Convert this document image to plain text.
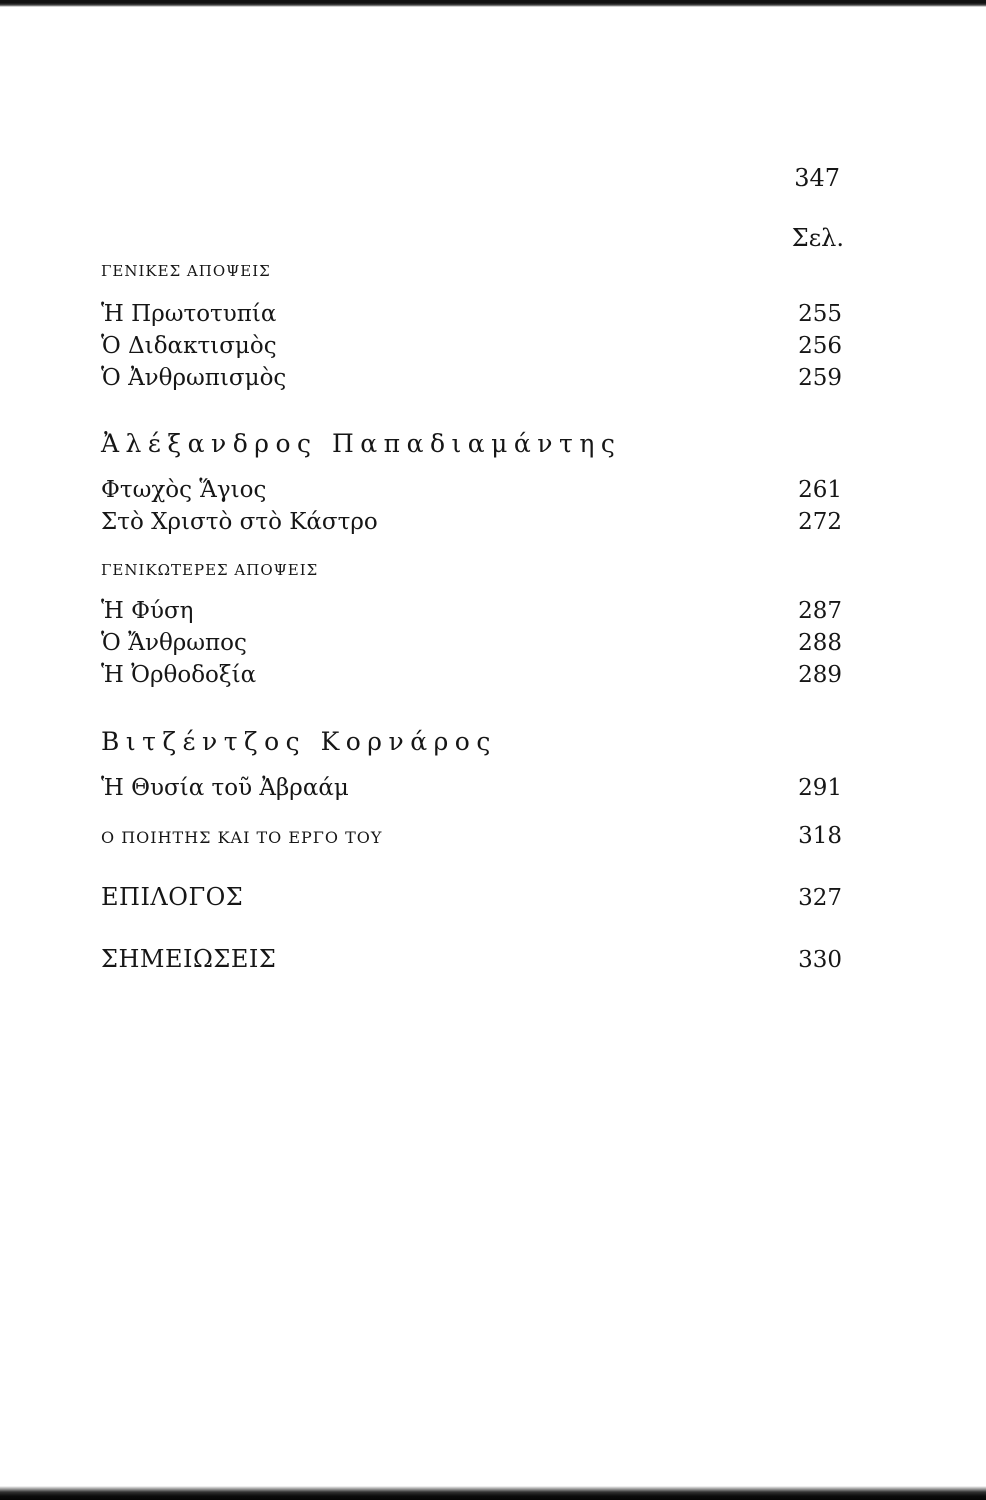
347
Σελ.
ΓΕΝΙΚΕΣ ΑΠΟΨΕΙΣ
Ἡ Πρωτοτυπία	255
Ὁ Διδακτισμὸς	256
Ὁ Ἀνθρωπισμὸς	259
Ἀλέξανδρος Παπαδιαμάντης
Φτωχὸς Ἅγιος	261
Στὸ Χριστὸ στὸ Κάστρο	272
ΓΕΝΙΚΩΤΕΡΕΣ ΑΠΟΨΕΙΣ
Ἡ Φύση	287
Ὁ Ἄνθρωπος	288
Ἡ Ὀρθοδοξία	289
Βιτζέντζος Κορνάρος
Ἡ Θυσία τοῦ Ἀβραάμ	291
Ο ΠΟΙΗΤΗΣ ΚΑΙ ΤΟ ΕΡΓΟ ΤΟΥ	318
ΕΠΙΛΟΓΟΣ	327
ΣΗΜΕΙΩΣΕΙΣ	330
